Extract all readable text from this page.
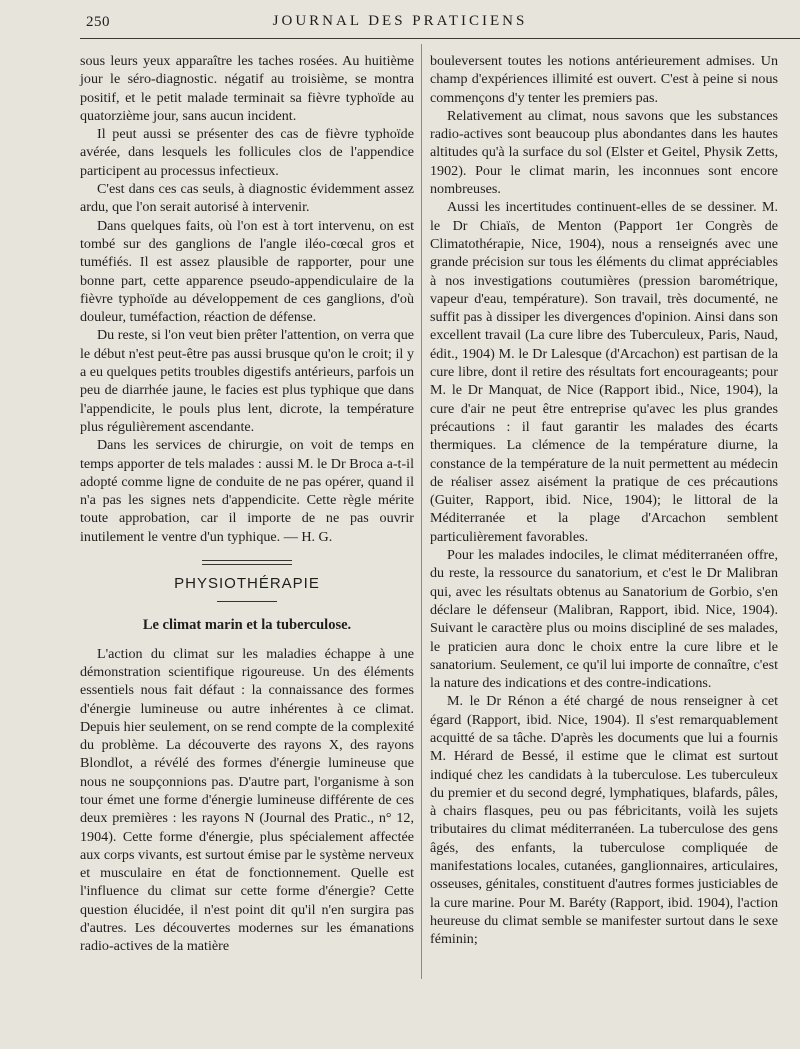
250	JOURNAL DES PRATICIENS

sous leurs yeux apparaître les taches rosées. Au huitième jour le séro-diagnostic. négatif au troisième, se montra positif, et le petit malade terminait sa fièvre typhoïde au quatorzième jour, sans aucun incident.

Il peut aussi se présenter des cas de fièvre typhoïde avérée, dans lesquels les follicules clos de l'appendice participent au processus infectieux.

C'est dans ces cas seuls, à diagnostic évidemment assez ardu, que l'on serait autorisé à intervenir.

Dans quelques faits, où l'on est à tort intervenu, on est tombé sur des ganglions de l'angle iléo-cœcal gros et tuméfiés. Il est assez plausible de rapporter, pour une bonne part, cette apparence pseudo-appendiculaire de la fièvre typhoïde au développement de ces ganglions, d'où douleur, tuméfaction, réaction de défense.

Du reste, si l'on veut bien prêter l'attention, on verra que le début n'est peut-être pas aussi brusque qu'on le croit; il y a eu quelques petits troubles digestifs antérieurs, parfois un peu de diarrhée jaune, le facies est plus typhique que dans l'appendicite, le pouls plus lent, dicrote, la température plus régulièrement ascendante.

Dans les services de chirurgie, on voit de temps en temps apporter de tels malades : aussi M. le Dr Broca a-t-il adopté comme ligne de conduite de ne pas opérer, quand il n'a pas les signes nets d'appendicite. Cette règle mérite toute approbation, car il importe de ne pas ouvrir inutilement le ventre d'un typhique. — H. G.

PHYSIOTHÉRAPIE
Le climat marin et la tuberculose.

L'action du climat sur les maladies échappe à une démonstration scientifique rigoureuse. Un des éléments essentiels nous fait défaut : la connaissance des formes d'énergie lumineuse ou autre inhérentes à ce climat. Depuis hier seulement, on se rend compte de la complexité du problème. La découverte des rayons X, des rayons Blondlot, a révélé des formes d'énergie lumineuse que nous ne soupçonnions pas. D'autre part, l'organisme à son tour émet une forme d'énergie lumineuse différente de ces deux premières : les rayons N (Journal des Pratic., n° 12, 1904). Cette forme d'énergie, plus spécialement affectée aux corps vivants, est surtout émise par le système nerveux et musculaire en état de fonctionnement. Quelle est l'influence du climat sur cette forme d'énergie? Cette question élucidée, il n'est point dit qu'il n'en surgira pas d'autres. Les découvertes modernes sur les émanations radio-actives de la matière

bouleversent toutes les notions antérieurement admises. Un champ d'expériences illimité est ouvert. C'est à peine si nous commençons d'y tenter les premiers pas.

Relativement au climat, nous savons que les substances radio-actives sont beaucoup plus abondantes dans les hautes altitudes qu'à la surface du sol (Elster et Geitel, Physik Zetts, 1902). Pour le climat marin, les inconnues sont encore nombreuses.

Aussi les incertitudes continuent-elles de se dessiner. M. le Dr Chiaïs, de Menton (Papport 1er Congrès de Climatothérapie, Nice, 1904), nous a renseignés avec une grande précision sur tous les éléments du climat appréciables à nos investigations coutumières (pression barométrique, vapeur d'eau, température). Son travail, très documenté, ne suffit pas à dissiper les divergences d'opinion. Ainsi dans son excellent travail (La cure libre des Tuberculeux, Paris, Naud, édit., 1904) M. le Dr Lalesque (d'Arcachon) est partisan de la cure libre, dont il retire des résultats fort encourageants; pour M. le Dr Manquat, de Nice (Rapport ibid., Nice, 1904), la cure d'air ne peut être entreprise qu'avec les plus grandes précautions : il faut garantir les malades des écarts thermiques. La clémence de la température diurne, la constance de la température de la nuit permettent au médecin de réaliser assez aisément la pratique de ces précautions (Guiter, Rapport, ibid. Nice, 1904); le littoral de la Méditerranée et la plage d'Arcachon semblent particulièrement favorables.

Pour les malades indociles, le climat méditerranéen offre, du reste, la ressource du sanatorium, et c'est le Dr Malibran qui, avec les résultats obtenus au Sanatorium de Gorbio, s'en déclare le défenseur (Malibran, Rapport, ibid. Nice, 1904). Suivant le caractère plus ou moins discipliné de ses malades, le praticien aura donc le choix entre la cure libre et le sanatorium. Seulement, ce qu'il lui importe de connaître, c'est la nature des indications et des contre-indications.

M. le Dr Rénon a été chargé de nous renseigner à cet égard (Rapport, ibid. Nice, 1904). Il s'est remarquablement acquitté de sa tâche. D'après les documents que lui a fournis M. Hérard de Bessé, il estime que le climat est surtout indiqué chez les candidats à la tuberculose. Les tuberculeux du premier et du second degré, lymphatiques, blafards, pâles, à chairs flasques, peu ou pas fébricitants, voilà les sujets tributaires du climat méditerranéen. La tuberculose des gens âgés, des enfants, la tuberculose compliquée de manifestations locales, cutanées, ganglionnaires, articulaires, osseuses, génitales, constituent d'autres formes justiciables de la cure marine. Pour M. Baréty (Rapport, ibid. 1904), l'action heureuse du climat semble se manifester surtout dans le sexe féminin;
